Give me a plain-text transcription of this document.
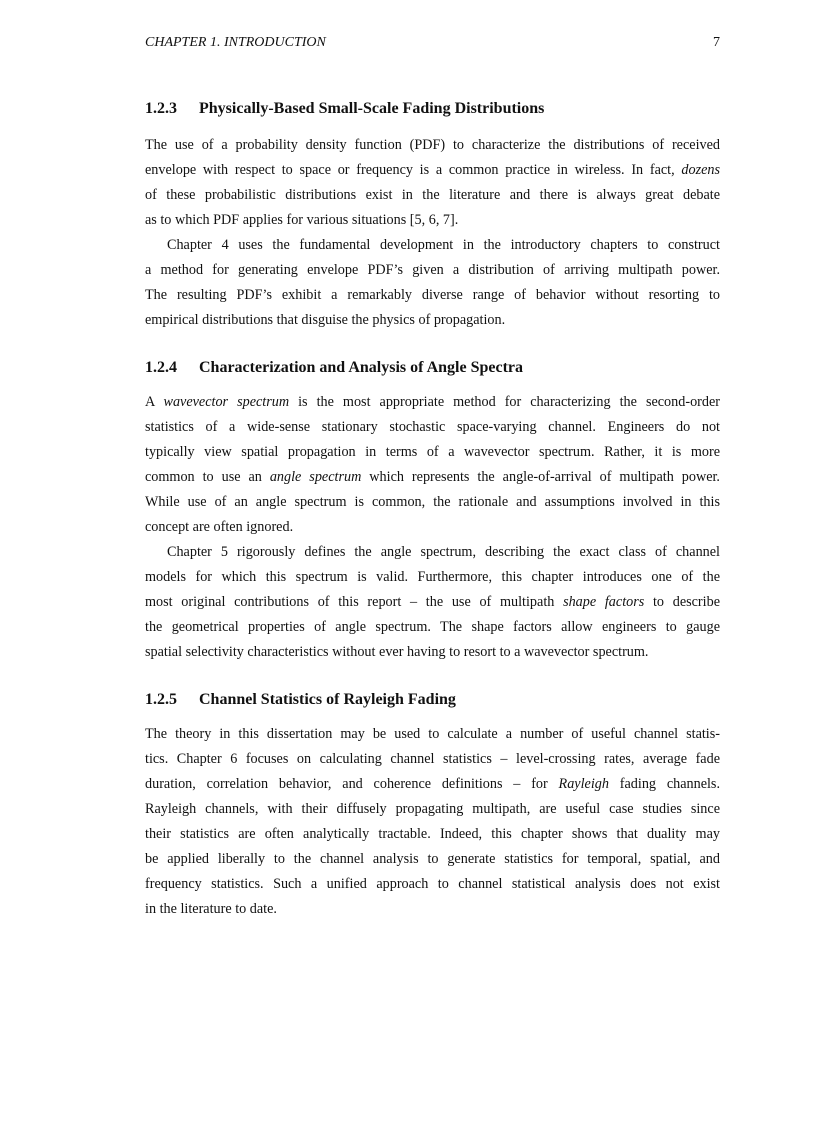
CHAPTER 1. INTRODUCTION	7
1.2.3 Physically-Based Small-Scale Fading Distributions
The use of a probability density function (PDF) to characterize the distributions of received
envelope with respect to space or frequency is a common practice in wireless. In fact, dozens
of these probabilistic distributions exist in the literature and there is always great debate
as to which PDF applies for various situations [5, 6, 7].
Chapter 4 uses the fundamental development in the introductory chapters to construct
a method for generating envelope PDF’s given a distribution of arriving multipath power.
The resulting PDF’s exhibit a remarkably diverse range of behavior without resorting to
empirical distributions that disguise the physics of propagation.
1.2.4 Characterization and Analysis of Angle Spectra
A wavevector spectrum is the most appropriate method for characterizing the second-order
statistics of a wide-sense stationary stochastic space-varying channel. Engineers do not
typically view spatial propagation in terms of a wavevector spectrum. Rather, it is more
common to use an angle spectrum which represents the angle-of-arrival of multipath power.
While use of an angle spectrum is common, the rationale and assumptions involved in this
concept are often ignored.
Chapter 5 rigorously defines the angle spectrum, describing the exact class of channel
models for which this spectrum is valid. Furthermore, this chapter introduces one of the
most original contributions of this report – the use of multipath shape factors to describe
the geometrical properties of angle spectrum. The shape factors allow engineers to gauge
spatial selectivity characteristics without ever having to resort to a wavevector spectrum.
1.2.5 Channel Statistics of Rayleigh Fading
The theory in this dissertation may be used to calculate a number of useful channel statis-
tics. Chapter 6 focuses on calculating channel statistics – level-crossing rates, average fade
duration, correlation behavior, and coherence definitions – for Rayleigh fading channels.
Rayleigh channels, with their diffusely propagating multipath, are useful case studies since
their statistics are often analytically tractable. Indeed, this chapter shows that duality may
be applied liberally to the channel analysis to generate statistics for temporal, spatial, and
frequency statistics. Such a unified approach to channel statistical analysis does not exist
in the literature to date.
